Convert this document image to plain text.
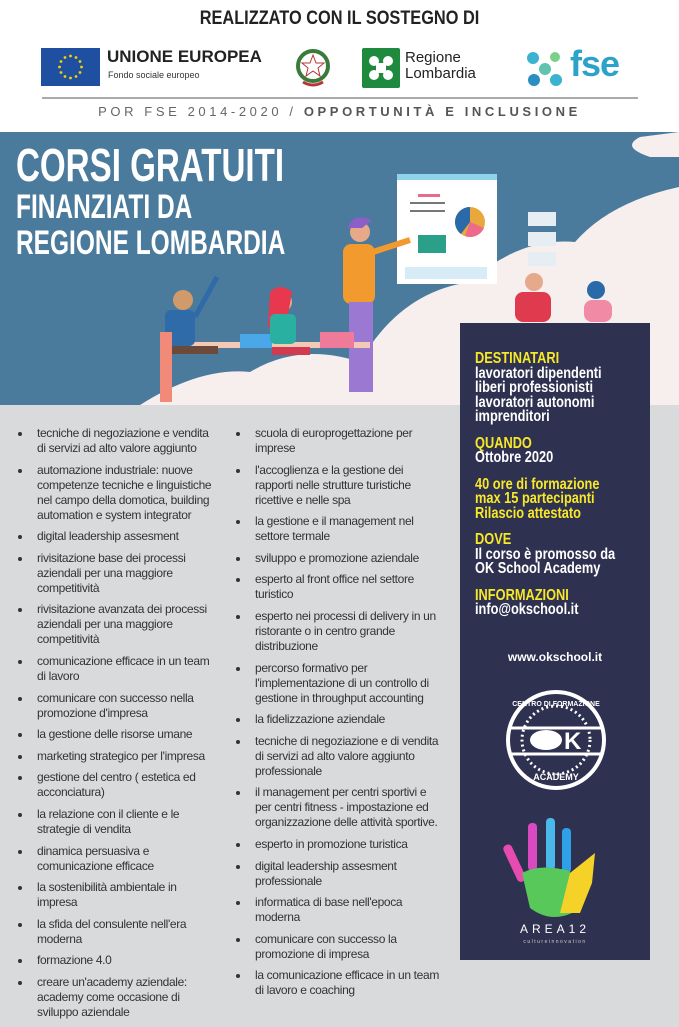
REALIZZATO CON IL SOSTEGNO DI
UNIONE EUROPEA
Fondo sociale europeo
Regione
Lombardia	fse
POR FSE 2014-2020 / OPPORTUNITÀ E INCLUSIONE
CORSI GRATUITI
FINANZIATI DA
REGIONE LOMBARDIA
tecniche di negoziazione e vendita di servizi ad alto valore aggiunto
automazione industriale: nuove competenze tecniche e linguistiche nel campo della domotica, building automation e system integrator
digital leadership assesment
rivisitazione base dei processi aziendali per una maggiore competitività
rivisitazione avanzata dei processi aziendali per una maggiore competitività
comunicazione efficace in un team di lavoro
comunicare con successo nella promozione d'impresa
la gestione delle risorse umane
marketing strategico per l'impresa
gestione del centro ( estetica ed acconciatura)
la relazione con il cliente e le strategie di vendita
dinamica persuasiva e comunicazione efficace
la sostenibilità ambientale in impresa
la sfida del consulente nell'era moderna
formazione 4.0
creare un'academy aziendale: academy come occasione di sviluppo aziendale
scuola di europrogettazione per imprese
l'accoglienza e la gestione dei rapporti nelle strutture turistiche ricettive e nelle spa
la gestione e il management nel settore termale
sviluppo e promozione aziendale
esperto al front office nel settore turistico
esperto nei processi di delivery in un ristorante o in centro grande distribuzione
percorso formativo per l'implementazione di un controllo di gestione in throughput accounting
la fidelizzazione aziendale
tecniche di negoziazione e di vendita di servizi ad alto valore aggiunto professionale
il management per centri sportivi e per centri fitness - impostazione ed organizzazione delle attività sportive.
esperto in promozione turistica
digital leadership assesment professionale
informatica di base nell'epoca moderna
comunicare con successo la promozione di impresa
la comunicazione efficace in un team di lavoro e coaching
DESTINATARI
lavoratori dipendenti
liberi professionisti
lavoratori autonomi
imprenditori
QUANDO
Ottobre 2020
40 ore di formazione
max 15 partecipanti
Rilascio attestato
DOVE
Il corso è promosso da
OK School Academy
INFORMAZIONI
info@okschool.it
www.okschool.it
K
CENTRO DI FORMAZIONE
ACADEMY
AREA12
cultureinnovation
